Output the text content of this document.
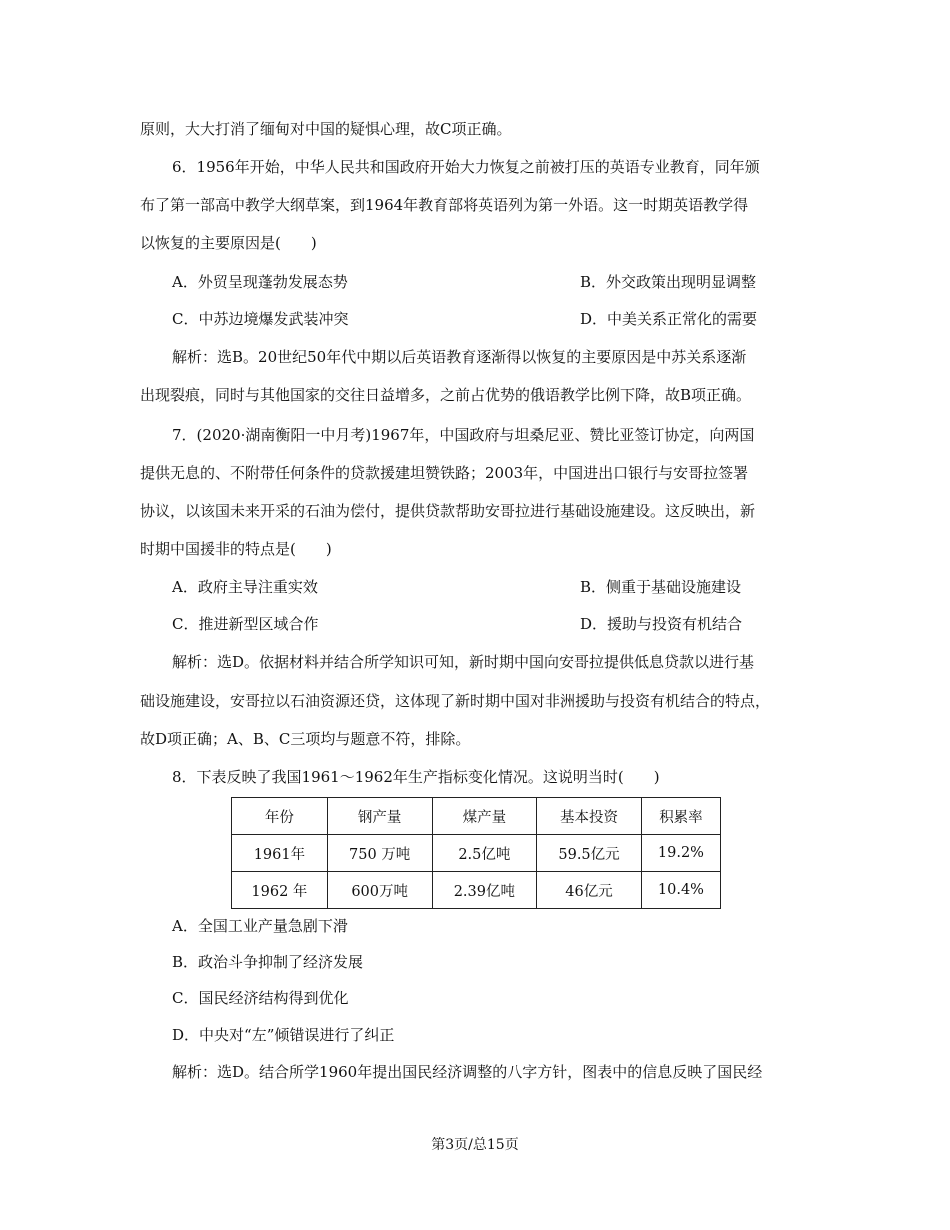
原则，大大打消了缅甸对中国的疑惧心理，故C项正确。
6．1956年开始，中华人民共和国政府开始大力恢复之前被打压的英语专业教育，同年颁
布了第一部高中教学大纲草案，到1964年教育部将英语列为第一外语。这一时期英语教学得
以恢复的主要原因是(　　)
A．外贸呈现蓬勃发展态势	B．外交政策出现明显调整
C．中苏边境爆发武装冲突	D．中美关系正常化的需要
解析：选B。20世纪50年代中期以后英语教育逐渐得以恢复的主要原因是中苏关系逐渐
出现裂痕，同时与其他国家的交往日益增多，之前占优势的俄语教学比例下降，故B项正确。
7．(2020·湖南衡阳一中月考)1967年，中国政府与坦桑尼亚、赞比亚签订协定，向两国
提供无息的、不附带任何条件的贷款援建坦赞铁路；2003年，中国进出口银行与安哥拉签署
协议，以该国未来开采的石油为偿付，提供贷款帮助安哥拉进行基础设施建设。这反映出，新
时期中国援非的特点是(　　)
A．政府主导注重实效	B．侧重于基础设施建设
C．推进新型区域合作	D．援助与投资有机结合
解析：选D。依据材料并结合所学知识可知，新时期中国向安哥拉提供低息贷款以进行基
础设施建设，安哥拉以石油资源还贷，这体现了新时期中国对非洲援助与投资有机结合的特点，
故D项正确；A、B、C三项均与题意不符，排除。
8．下表反映了我国1961～1962年生产指标变化情况。这说明当时(　　)
年份	钢产量	煤产量	基本投资	积累率
1961年	750 万吨	2.5亿吨	59.5亿元	19.2%
1962 年	600万吨	2.39亿吨	46亿元	10.4%
A．全国工业产量急剧下滑
B．政治斗争抑制了经济发展
C．国民经济结构得到优化
D．中央对“左”倾错误进行了纠正
解析：选D。结合所学1960年提出国民经济调整的八字方针，图表中的信息反映了国民经
第3页/总15页
